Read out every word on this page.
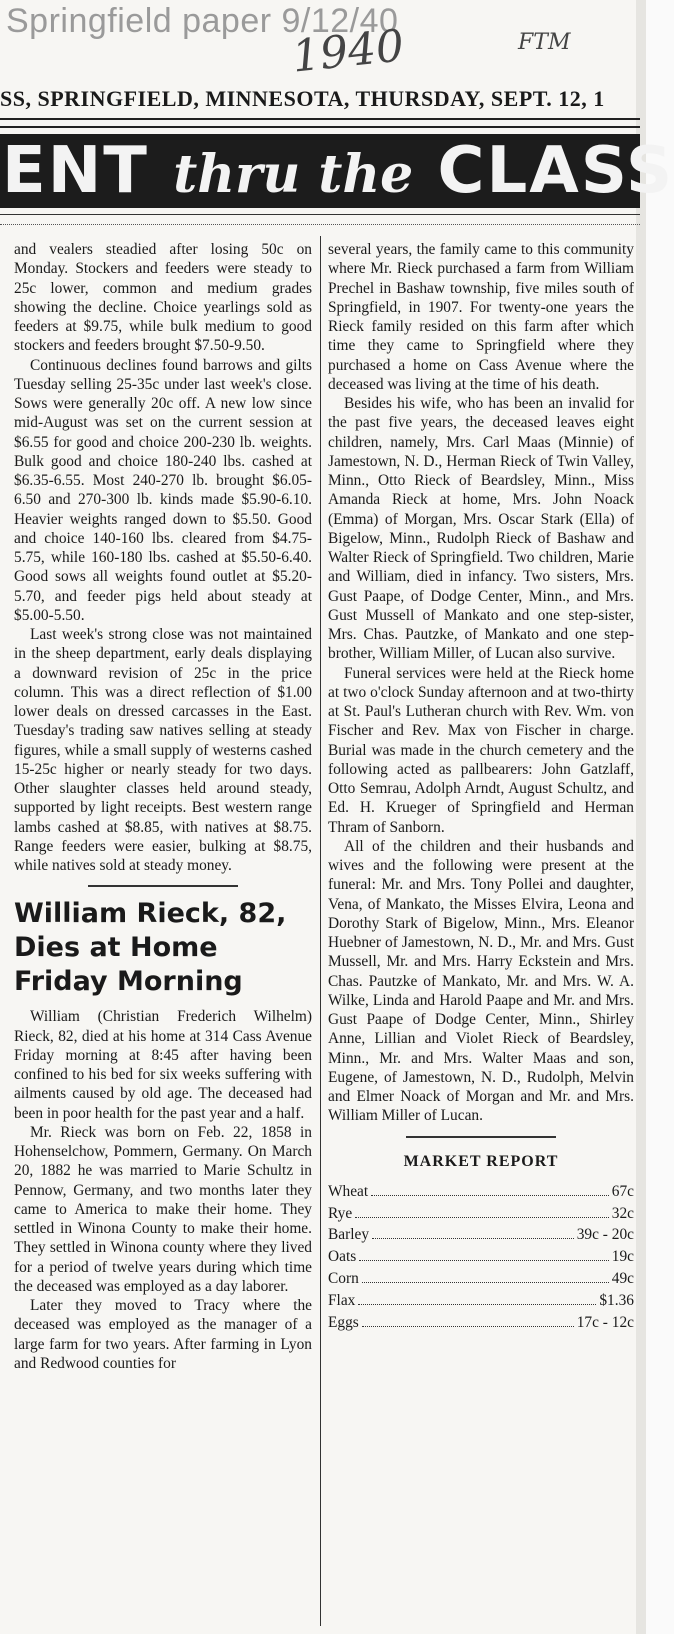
Springfield paper 9/12/40
1940	FTM
SS, SPRINGFIELD, MINNESOTA, THURSDAY, SEPT. 12, 1
ENT thru the CLASS

and vealers steadied after losing 50c on Monday. Stockers and feeders were steady to 25c lower, common and medium grades showing the decline. Choice yearlings sold as feeders at $9.75, while bulk medium to good stockers and feeders brought $7.50-9.50.

Continuous declines found barrows and gilts Tuesday selling 25-35c under last week's close. Sows were generally 20c off. A new low since mid-August was set on the current session at $6.55 for good and choice 200-230 lb. weights. Bulk good and choice 180-240 lbs. cashed at $6.35-6.55. Most 240-270 lb. brought $6.05-6.50 and 270-300 lb. kinds made $5.90-6.10. Heavier weights ranged down to $5.50. Good and choice 140-160 lbs. cleared from $4.75-5.75, while 160-180 lbs. cashed at $5.50-6.40. Good sows all weights found outlet at $5.20-5.70, and feeder pigs held about steady at $5.00-5.50.

Last week's strong close was not maintained in the sheep department, early deals displaying a downward revision of 25c in the price column. This was a direct reflection of $1.00 lower deals on dressed carcasses in the East. Tuesday's trading saw natives selling at steady figures, while a small supply of westerns cashed 15-25c higher or nearly steady for two days. Other slaughter classes held around steady, supported by light receipts. Best western range lambs cashed at $8.85, with natives at $8.75. Range feeders were easier, bulking at $8.75, while natives sold at steady money.

William Rieck, 82, Dies at Home Friday Morning

William (Christian Frederich Wilhelm) Rieck, 82, died at his home at 314 Cass Avenue Friday morning at 8:45 after having been confined to his bed for six weeks suffering with ailments caused by old age. The deceased had been in poor health for the past year and a half.

Mr. Rieck was born on Feb. 22, 1858 in Hohenselchow, Pommern, Germany. On March 20, 1882 he was married to Marie Schultz in Pennow, Germany, and two months later they came to America to make their home. They settled in Winona County to make their home. They settled in Winona county where they lived for a period of twelve years during which time the deceased was employed as a day laborer.

Later they moved to Tracy where the deceased was employed as the manager of a large farm for two years. After farming in Lyon and Redwood counties for

several years, the family came to this community where Mr. Rieck purchased a farm from William Prechel in Bashaw township, five miles south of Springfield, in 1907. For twenty-one years the Rieck family resided on this farm after which time they came to Springfield where they purchased a home on Cass Avenue where the deceased was living at the time of his death.

Besides his wife, who has been an invalid for the past five years, the deceased leaves eight children, namely, Mrs. Carl Maas (Minnie) of Jamestown, N. D., Herman Rieck of Twin Valley, Minn., Otto Rieck of Beardsley, Minn., Miss Amanda Rieck at home, Mrs. John Noack (Emma) of Morgan, Mrs. Oscar Stark (Ella) of Bigelow, Minn., Rudolph Rieck of Bashaw and Walter Rieck of Springfield. Two children, Marie and William, died in infancy. Two sisters, Mrs. Gust Paape, of Dodge Center, Minn., and Mrs. Gust Mussell of Mankato and one step-sister, Mrs. Chas. Pautzke, of Mankato and one step-brother, William Miller, of Lucan also survive.

Funeral services were held at the Rieck home at two o'clock Sunday afternoon and at two-thirty at St. Paul's Lutheran church with Rev. Wm. von Fischer and Rev. Max von Fischer in charge. Burial was made in the church cemetery and the following acted as pallbearers: John Gatzlaff, Otto Semrau, Adolph Arndt, August Schultz, and Ed. H. Krueger of Springfield and Herman Thram of Sanborn.

All of the children and their husbands and wives and the following were present at the funeral: Mr. and Mrs. Tony Pollei and daughter, Vena, of Mankato, the Misses Elvira, Leona and Dorothy Stark of Bigelow, Minn., Mrs. Eleanor Huebner of Jamestown, N. D., Mr. and Mrs. Gust Mussell, Mr. and Mrs. Harry Eckstein and Mrs. Chas. Pautzke of Mankato, Mr. and Mrs. W. A. Wilke, Linda and Harold Paape and Mr. and Mrs. Gust Paape of Dodge Center, Minn., Shirley Anne, Lillian and Violet Rieck of Beardsley, Minn., Mr. and Mrs. Walter Maas and son, Eugene, of Jamestown, N. D., Rudolph, Melvin and Elmer Noack of Morgan and Mr. and Mrs. William Miller of Lucan.

MARKET REPORT
Wheat	67c
Rye	32c
Barley	39c - 20c
Oats	19c
Corn	49c
Flax	$1.36
Eggs	17c - 12c
